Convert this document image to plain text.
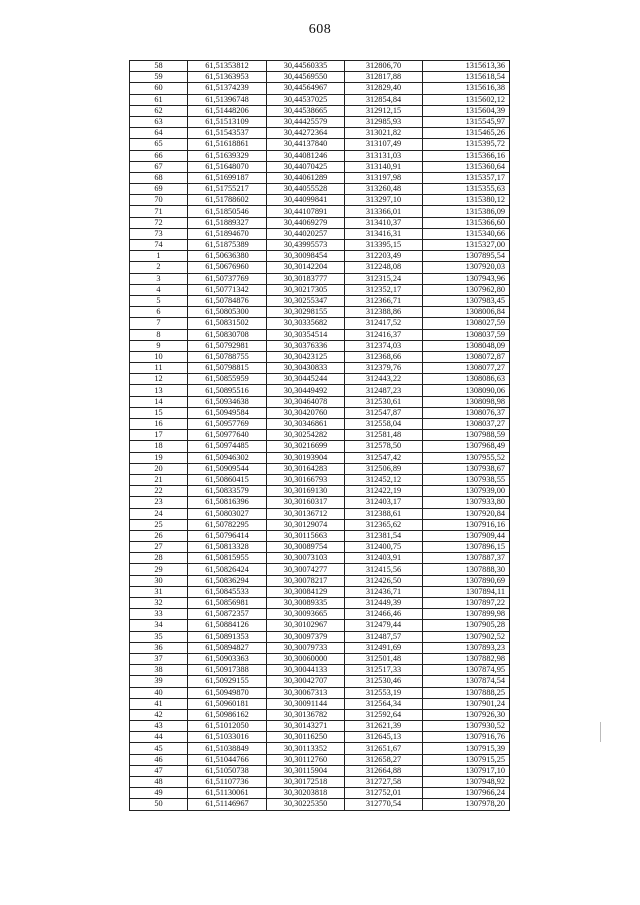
608
58	61,51353812	30,44560335	312806,70	1315613,36
59	61,51363953	30,44569550	312817,88	1315618,54
60	61,51374239	30,44564967	312829,40	1315616,38
61	61,51396748	30,44537025	312854,84	1315602,12
62	61,51448206	30,44538665	312912,15	1315604,39
63	61,51513109	30,44425579	312985,93	1315545,97
64	61,51543537	30,44272364	313021,82	1315465,26
65	61,51618861	30,44137840	313107,49	1315395,72
66	61,51639329	30,44081246	313131,03	1315366,16
67	61,51648070	30,44070425	313140,91	1315360,64
68	61,51699187	30,44061289	313197,98	1315357,17
69	61,51755217	30,44055528	313260,48	1315355,63
70	61,51788602	30,44099841	313297,10	1315380,12
71	61,51850546	30,44107891	313366,01	1315386,09
72	61,51889327	30,44069279	313410,37	1315366,60
73	61,51894670	30,44020257	313416,31	1315340,66
74	61,51875389	30,43995573	313395,15	1315327,00
1	61,50636380	30,30098454	312203,49	1307895,54
2	61,50676960	30,30142204	312248,08	1307920,03
3	61,50737769	30,30183777	312315,24	1307943,96
4	61,50771342	30,30217305	312352,17	1307962,80
5	61,50784876	30,30255347	312366,71	1307983,45
6	61,50805300	30,30298155	312388,86	1308006,84
7	61,50831502	30,30335682	312417,52	1308027,59
8	61,50830708	30,30354514	312416,37	1308037,59
9	61,50792981	30,30376336	312374,03	1308048,09
10	61,50788755	30,30423125	312368,66	1308072,87
11	61,50798815	30,30430833	312379,76	1308077,27
12	61,50855959	30,30445244	312443,22	1308086,63
13	61,50895516	30,30449492	312487,23	1308090,06
14	61,50934638	30,30464078	312530,61	1308098,98
15	61,50949584	30,30420760	312547,87	1308076,37
16	61,50957769	30,30346861	312558,04	1308037,27
17	61,50977640	30,30254282	312581,48	1307988,59
18	61,50974485	30,30216699	312578,50	1307968,49
19	61,50946302	30,30193904	312547,42	1307955,52
20	61,50909544	30,30164283	312506,89	1307938,67
21	61,50860415	30,30166793	312452,12	1307938,55
22	61,50833579	30,30169130	312422,19	1307939,00
23	61,50816396	30,30160317	312403,17	1307933,80
24	61,50803027	30,30136712	312388,61	1307920,84
25	61,50782295	30,30129074	312365,62	1307916,16
26	61,50796414	30,30115663	312381,54	1307909,44
27	61,50813328	30,30089754	312400,75	1307896,15
28	61,50815955	30,30073103	312403,91	1307887,37
29	61,50826424	30,30074277	312415,56	1307888,30
30	61,50836294	30,30078217	312426,50	1307890,69
31	61,50845533	30,30084129	312436,71	1307894,11
32	61,50856981	30,30089335	312449,39	1307897,22
33	61,50872357	30,30093665	312466,46	1307899,98
34	61,50884126	30,30102967	312479,44	1307905,28
35	61,50891353	30,30097379	312487,57	1307902,52
36	61,50894827	30,30079733	312491,69	1307893,23
37	61,50903363	30,30060000	312501,48	1307882,98
38	61,50917388	30,30044133	312517,33	1307874,95
39	61,50929155	30,30042707	312530,46	1307874,54
40	61,50949870	30,30067313	312553,19	1307888,25
41	61,50960181	30,30091144	312564,34	1307901,24
42	61,50986162	30,30136782	312592,64	1307926,30
43	61,51012050	30,30143271	312621,39	1307930,52
44	61,51033016	30,30116250	312645,13	1307916,76
45	61,51038849	30,30113352	312651,67	1307915,39
46	61,51044766	30,30112760	312658,27	1307915,25
47	61,51050738	30,30115904	312664,88	1307917,10
48	61,51107736	30,30172518	312727,58	1307948,92
49	61,51130061	30,30203818	312752,01	1307966,24
50	61,51146967	30,30225350	312770,54	1307978,20
